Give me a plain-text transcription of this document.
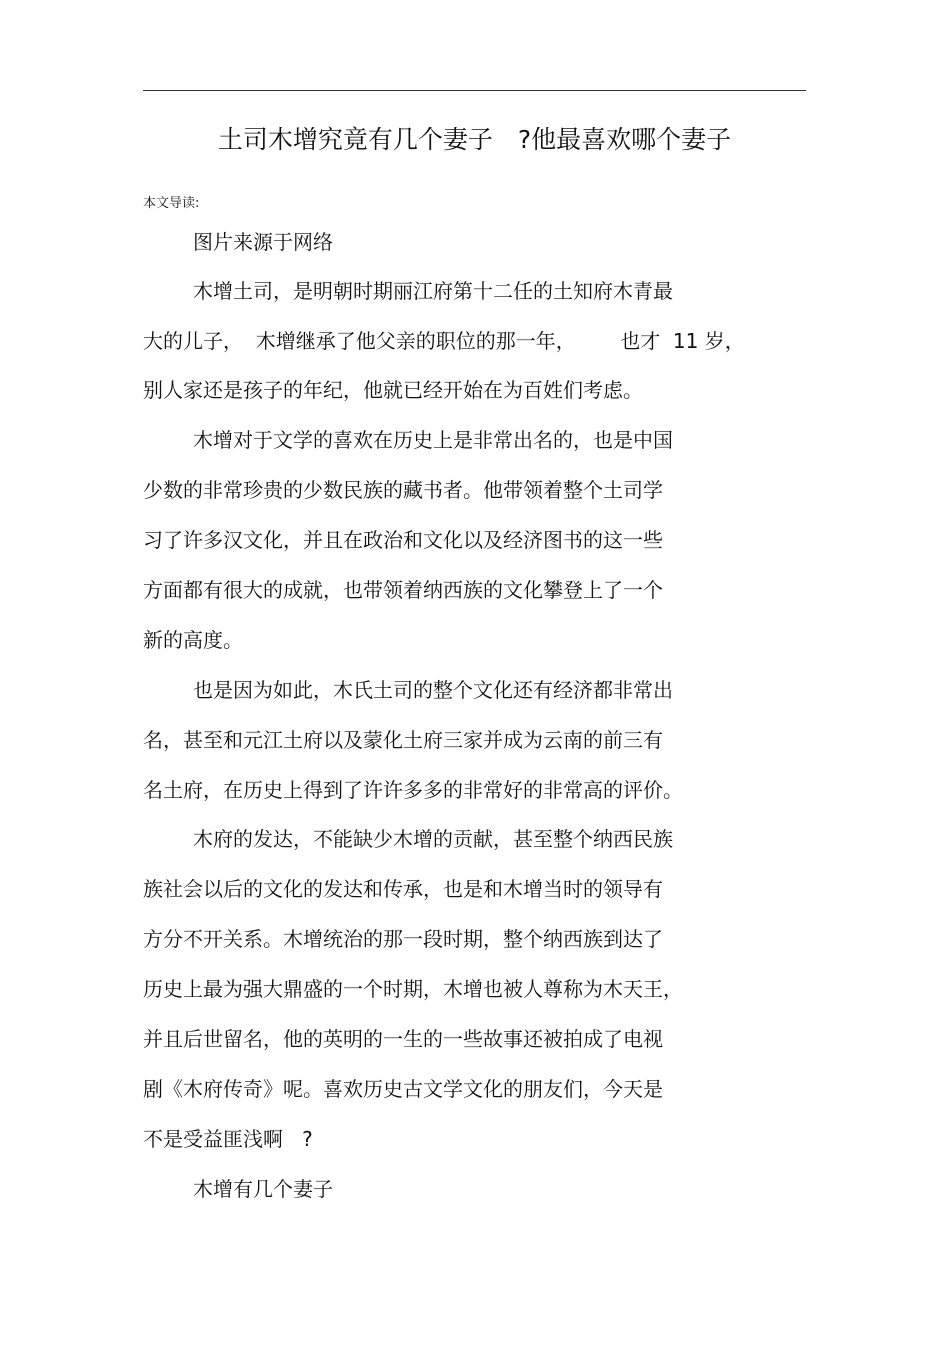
土司木增究竟有几个妻子　?他最喜欢哪个妻子
本文导读:
图片来源于网络
木增土司，是明朝时期丽江府第十二任的土知府木青最
大的儿子，  木增继承了他父亲的职位的那一年，       也才  11 岁，
别人家还是孩子的年纪，他就已经开始在为百姓们考虑。
木增对于文学的喜欢在历史上是非常出名的，也是中国
少数的非常珍贵的少数民族的藏书者。他带领着整个土司学
习了许多汉文化，并且在政治和文化以及经济图书的这一些
方面都有很大的成就，也带领着纳西族的文化攀登上了一个
新的高度。
也是因为如此，木氏土司的整个文化还有经济都非常出
名，甚至和元江土府以及蒙化土府三家并成为云南的前三有
名土府，在历史上得到了许许多多的非常好的非常高的评价。
木府的发达，不能缺少木增的贡献，甚至整个纳西民族
族社会以后的文化的发达和传承，也是和木增当时的领导有
方分不开关系。木增统治的那一段时期，整个纳西族到达了
历史上最为强大鼎盛的一个时期，木增也被人尊称为木天王，
并且后世留名，他的英明的一生的一些故事还被拍成了电视
剧《木府传奇》呢。喜欢历史古文学文化的朋友们，今天是
不是受益匪浅啊   ?
木增有几个妻子
